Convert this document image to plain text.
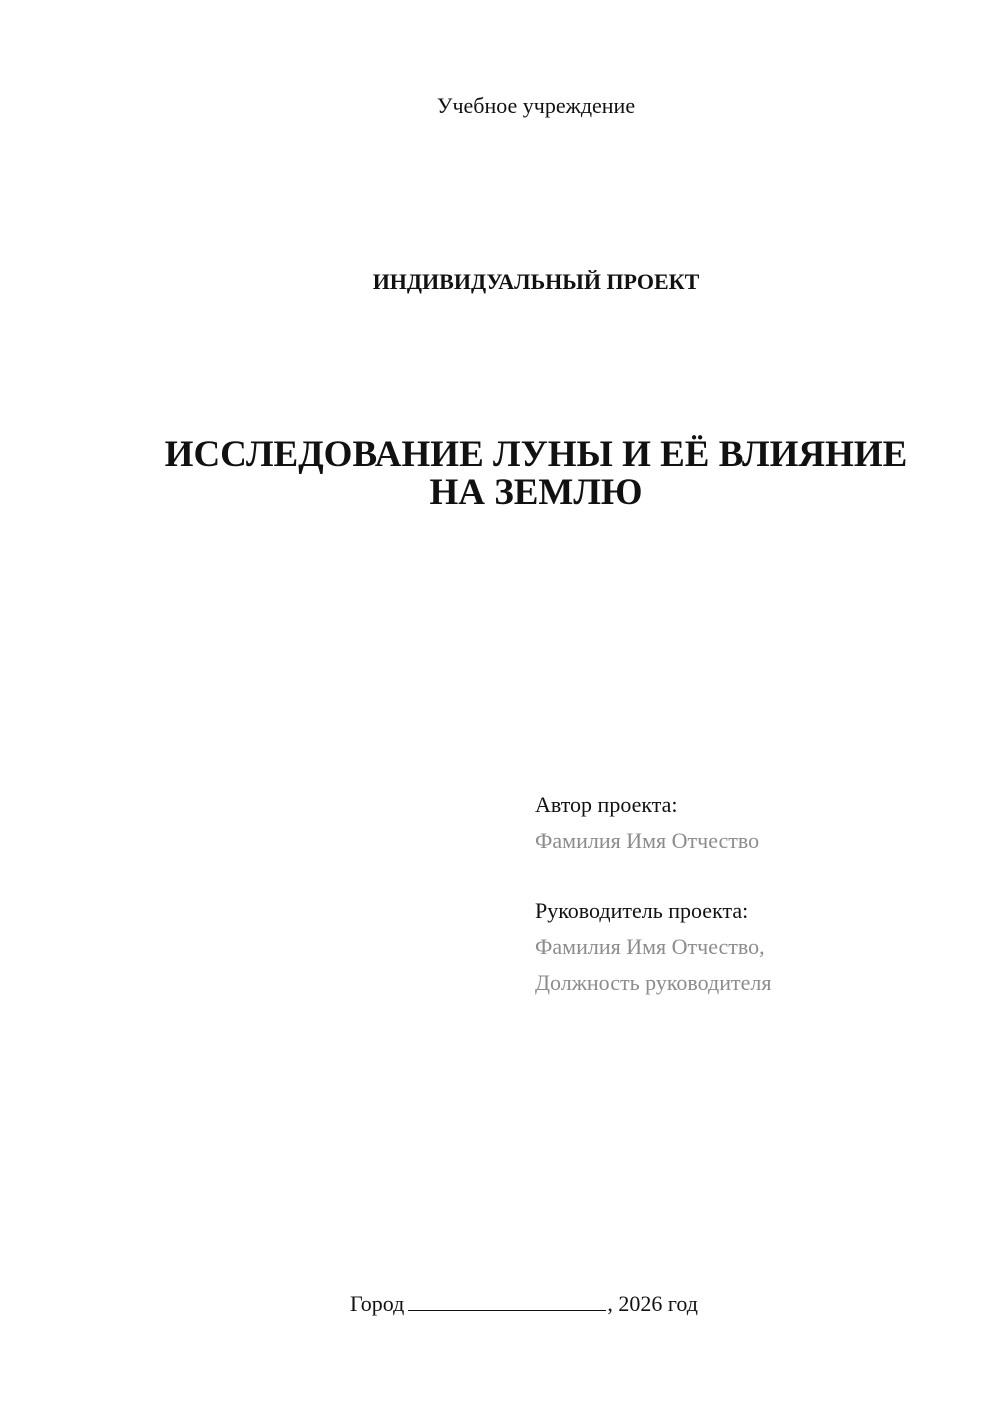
Учебное учреждение
ИНДИВИДУАЛЬНЫЙ ПРОЕКТ
ИССЛЕДОВАНИЕ ЛУНЫ И ЕЁ ВЛИЯНИЕ
НА ЗЕМЛЮ
Автор проекта:
Фамилия Имя Отчество
Руководитель проекта:
Фамилия Имя Отчество,
Должность руководителя
Город	, 2026 год
